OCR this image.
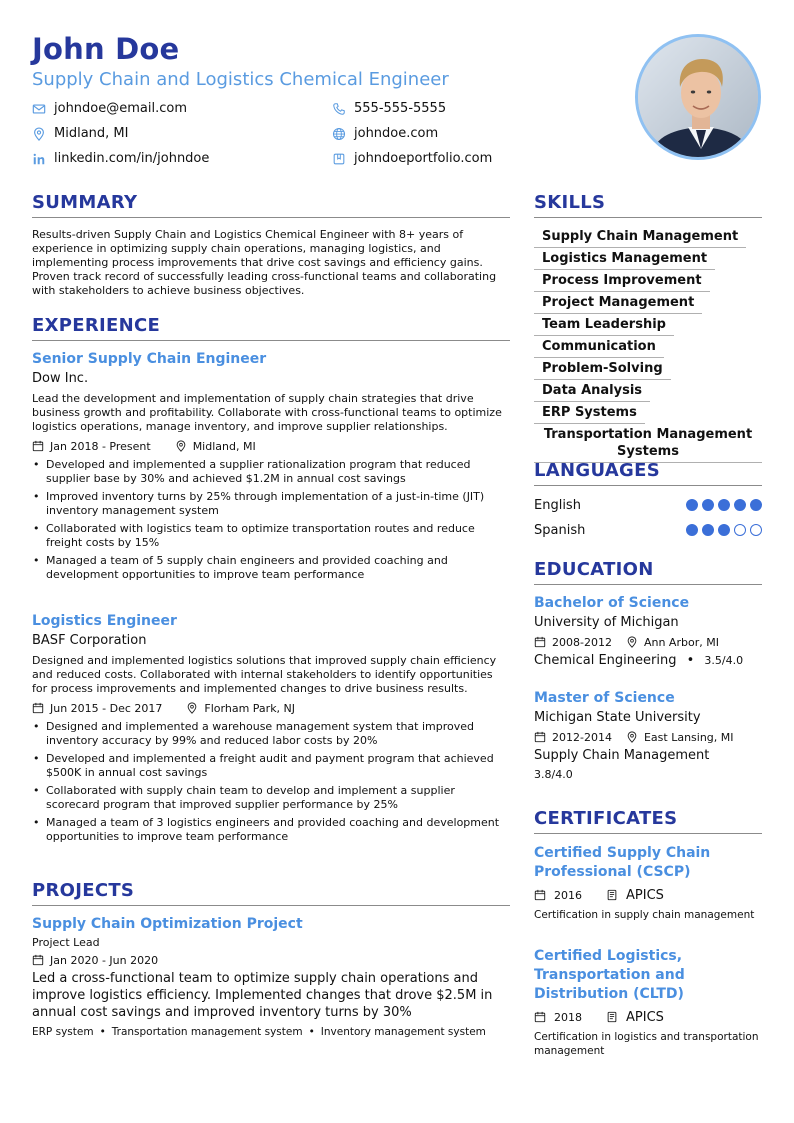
John Doe
Supply Chain and Logistics Chemical Engineer
johndoe@email.com	555-555-5555
Midland, MI	johndoe.com
linkedin.com/in/johndoe	johndoeportfolio.com
SUMMARY
Results-driven Supply Chain and Logistics Chemical Engineer with 8+ years of experience in optimizing supply chain operations, managing logistics, and implementing process improvements that drive cost savings and efficiency gains. Proven track record of successfully leading cross-functional teams and collaborating with stakeholders to achieve business objectives.
EXPERIENCE
Senior Supply Chain Engineer
Dow Inc.
Lead the development and implementation of supply chain strategies that drive business growth and profitability. Collaborate with cross-functional teams to optimize logistics operations, manage inventory, and improve supplier relationships.
Jan 2018 - Present	Midland, MI
• Developed and implemented a supplier rationalization program that reduced supplier base by 30% and achieved $1.2M in annual cost savings
• Improved inventory turns by 25% through implementation of a just-in-time (JIT) inventory management system
• Collaborated with logistics team to optimize transportation routes and reduce freight costs by 15%
• Managed a team of 5 supply chain engineers and provided coaching and development opportunities to improve team performance
Logistics Engineer
BASF Corporation
Designed and implemented logistics solutions that improved supply chain efficiency and reduced costs. Collaborated with internal stakeholders to identify opportunities for process improvements and implemented changes to drive business results.
Jun 2015 - Dec 2017	Florham Park, NJ
• Designed and implemented a warehouse management system that improved inventory accuracy by 99% and reduced labor costs by 20%
• Developed and implemented a freight audit and payment program that achieved $500K in annual cost savings
• Collaborated with supply chain team to develop and implement a supplier scorecard program that improved supplier performance by 25%
• Managed a team of 3 logistics engineers and provided coaching and development opportunities to improve team performance
PROJECTS
Supply Chain Optimization Project
Project Lead
Jan 2020 - Jun 2020
Led a cross-functional team to optimize supply chain operations and improve logistics efficiency. Implemented changes that drove $2.5M in annual cost savings and improved inventory turns by 30%
ERP system • Transportation management system • Inventory management system
SKILLS
Supply Chain Management
Logistics Management
Process Improvement
Project Management
Team Leadership
Communication
Problem-Solving
Data Analysis
ERP Systems
Transportation Management Systems
LANGUAGES
English
Spanish
EDUCATION
Bachelor of Science
University of Michigan
2008-2012	Ann Arbor, MI
Chemical Engineering • 3.5/4.0
Master of Science
Michigan State University
2012-2014	East Lansing, MI
Supply Chain Management
3.8/4.0
CERTIFICATES
Certified Supply Chain Professional (CSCP)
2016	APICS
Certification in supply chain management
Certified Logistics, Transportation and Distribution (CLTD)
2018	APICS
Certification in logistics and transportation management
